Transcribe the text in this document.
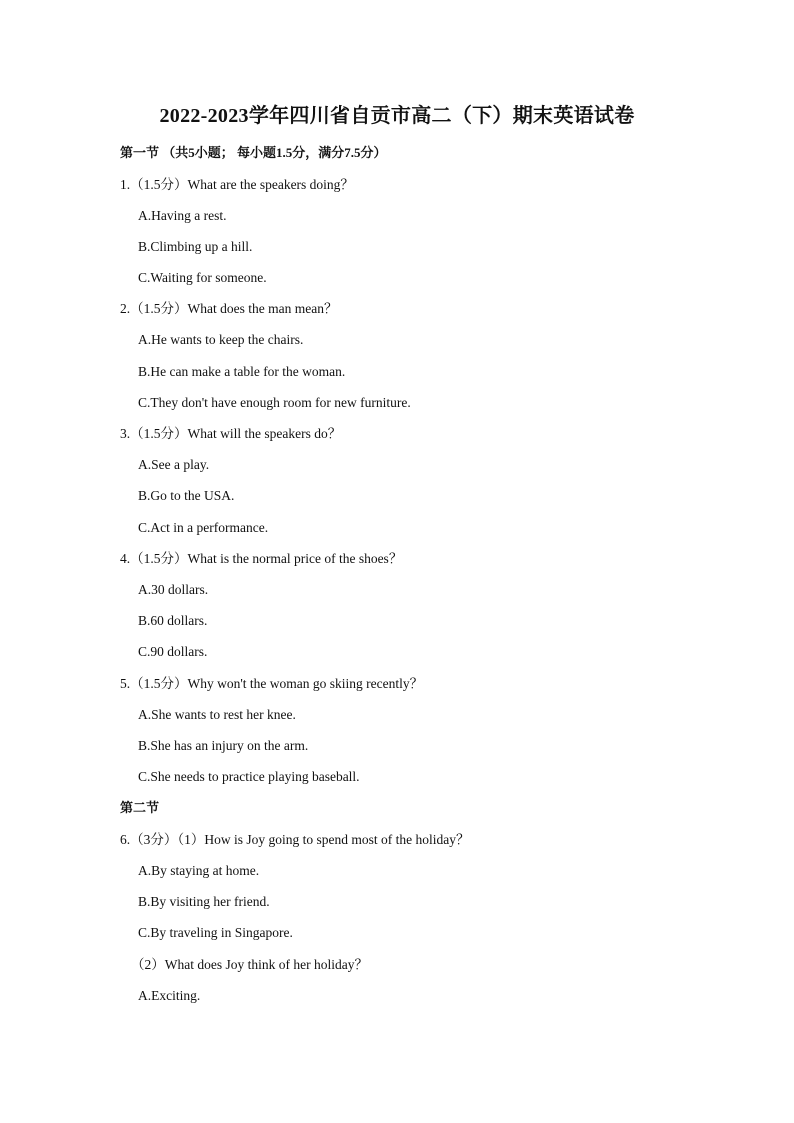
2022-2023学年四川省自贡市高二（下）期末英语试卷
第一节 （共5小题； 每小题1.5分，满分7.5分）
1.（1.5分）What are the speakers doing？
A.Having a rest.
B.Climbing up a hill.
C.Waiting for someone.
2.（1.5分）What does the man mean？
A.He wants to keep the chairs.
B.He can make a table for the woman.
C.They don't have enough room for new furniture.
3.（1.5分）What will the speakers do？
A.See a play.
B.Go to the USA.
C.Act in a performance.
4.（1.5分）What is the normal price of the shoes？
A.30 dollars.
B.60 dollars.
C.90 dollars.
5.（1.5分）Why won't the woman go skiing recently？
A.She wants to rest her knee.
B.She has an injury on the arm.
C.She needs to practice playing baseball.
第二节
6.（3分）（1）How is Joy going to spend most of the holiday？
A.By staying at home.
B.By visiting her friend.
C.By traveling in Singapore.
（2）What does Joy think of her holiday？
A.Exciting.
